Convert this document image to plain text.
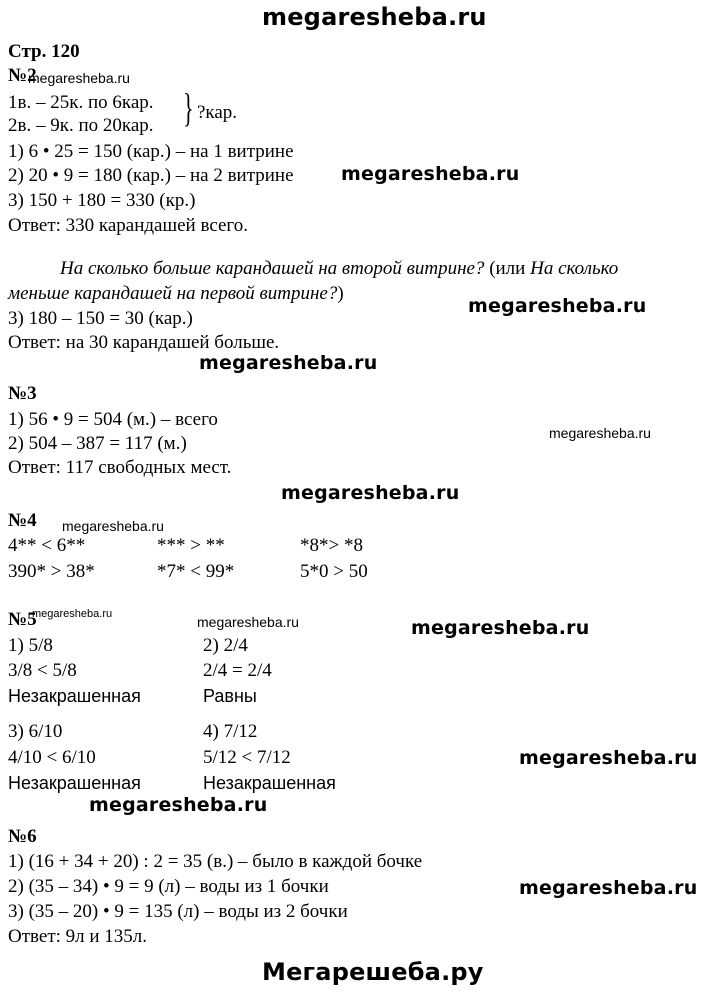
megaresheba.ru
Стр. 120
№2
megaresheba.ru
1в. – 25к. по 6кар.
2в. – 9к. по 20кар. } ?кар.
1) 6 • 25 = 150 (кар.) – на 1 витрине
2) 20 • 9 = 180 (кар.) – на 2 витрине megaresheba.ru
3) 150 + 180 = 330 (кр.)
Ответ: 330 карандашей всего.
На сколько больше карандашей на второй витрине? (или На сколько
меньше карандашей на первой витрине?)
megaresheba.ru
3) 180 – 150 = 30 (кар.)
Ответ: на 30 карандашей больше.
megaresheba.ru
№3
1) 56 • 9 = 504 (м.) – всего
megaresheba.ru
2) 504 – 387 = 117 (м.)
Ответ: 117 свободных мест.
megaresheba.ru
№4 megaresheba.ru
4** < 6**	*** > **	*8*> *8
390* > 38*	*7* < 99*	5*0 > 50
№5
megaresheba.ru	megaresheba.ru	megaresheba.ru
1) 5/8	2) 2/4
3/8 < 5/8	2/4 = 2/4
Незакрашенная	Равны
3) 6/10	4) 7/12
4/10 < 6/10	5/12 < 7/12	megaresheba.ru
Незакрашенная	Незакрашенная
megaresheba.ru
№6
1) (16 + 34 + 20) : 2 = 35 (в.) – было в каждой бочке
2) (35 – 34) • 9 = 9 (л) – воды из 1 бочки	megaresheba.ru
3) (35 – 20) • 9 = 135 (л) – воды из 2 бочки
Ответ: 9л и 135л.
Мегарешеба.ру
